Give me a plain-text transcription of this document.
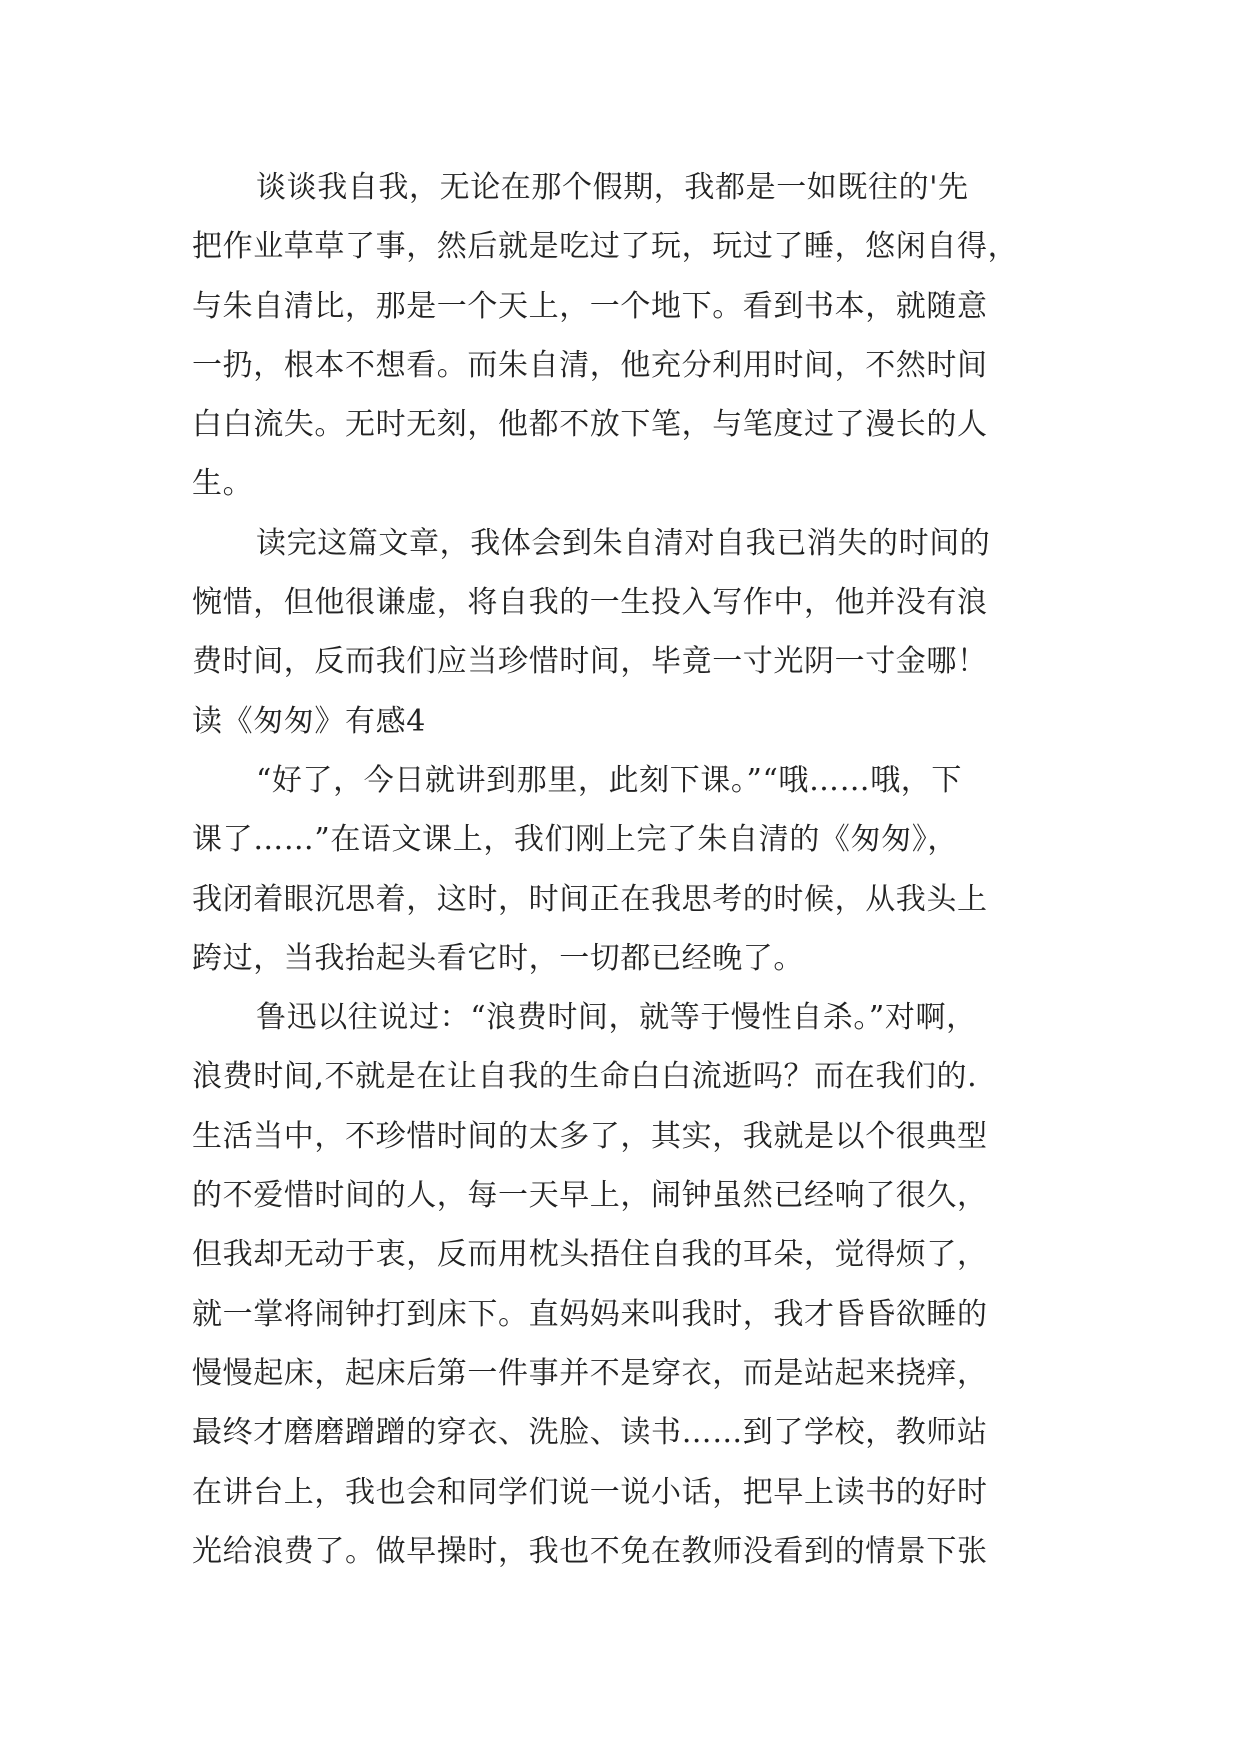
谈谈我自我，无论在那个假期，我都是一如既往的'先
把作业草草了事，然后就是吃过了玩，玩过了睡，悠闲自得，
与朱自清比，那是一个天上，一个地下。看到书本，就随意
一扔，根本不想看。而朱自清，他充分利用时间，不然时间
白白流失。无时无刻，他都不放下笔，与笔度过了漫长的人
生。
读完这篇文章，我体会到朱自清对自我已消失的时间的
惋惜，但他很谦虚，将自我的一生投入写作中，他并没有浪
费时间，反而我们应当珍惜时间，毕竟一寸光阴一寸金哪！
读《匆匆》有感4
“好了，今日就讲到那里，此刻下课。”“哦……哦，下
课了……”在语文课上，我们刚上完了朱自清的《匆匆》，
我闭着眼沉思着，这时，时间正在我思考的时候，从我头上
跨过，当我抬起头看它时，一切都已经晚了。
鲁迅以往说过：“浪费时间，就等于慢性自杀。”对啊，
浪费时间,不就是在让自我的生命白白流逝吗？而在我们的.
生活当中，不珍惜时间的太多了，其实，我就是以个很典型
的不爱惜时间的人，每一天早上，闹钟虽然已经响了很久，
但我却无动于衷，反而用枕头捂住自我的耳朵，觉得烦了，
就一掌将闹钟打到床下。直妈妈来叫我时，我才昏昏欲睡的
慢慢起床，起床后第一件事并不是穿衣，而是站起来挠痒，
最终才磨磨蹭蹭的穿衣、洗脸、读书……到了学校，教师站
在讲台上，我也会和同学们说一说小话，把早上读书的好时
光给浪费了。做早操时，我也不免在教师没看到的情景下张
